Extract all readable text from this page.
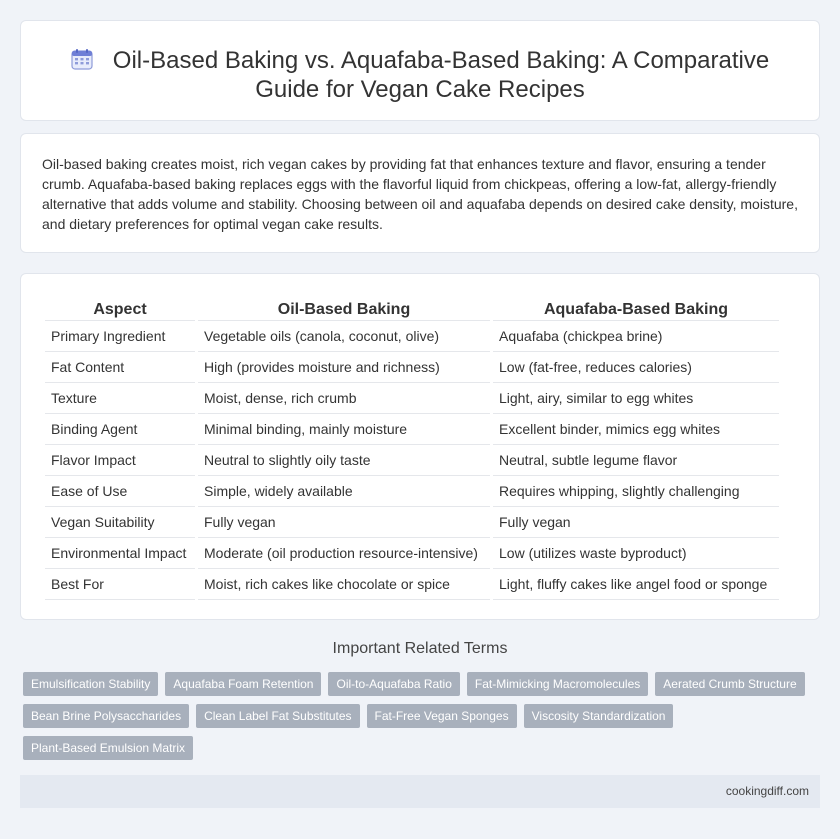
Oil-Based Baking vs. Aquafaba-Based Baking: A Comparative Guide for Vegan Cake Recipes

Oil-based baking creates moist, rich vegan cakes by providing fat that enhances texture and flavor, ensuring a tender crumb. Aquafaba-based baking replaces eggs with the flavorful liquid from chickpeas, offering a low-fat, allergy-friendly alternative that adds volume and stability. Choosing between oil and aquafaba depends on desired cake density, moisture, and dietary preferences for optimal vegan cake results.

Aspect	Oil-Based Baking	Aquafaba-Based Baking
Primary Ingredient	Vegetable oils (canola, coconut, olive)	Aquafaba (chickpea brine)
Fat Content	High (provides moisture and richness)	Low (fat-free, reduces calories)
Texture	Moist, dense, rich crumb	Light, airy, similar to egg whites
Binding Agent	Minimal binding, mainly moisture	Excellent binder, mimics egg whites
Flavor Impact	Neutral to slightly oily taste	Neutral, subtle legume flavor
Ease of Use	Simple, widely available	Requires whipping, slightly challenging
Vegan Suitability	Fully vegan	Fully vegan
Environmental Impact	Moderate (oil production resource-intensive)	Low (utilizes waste byproduct)
Best For	Moist, rich cakes like chocolate or spice	Light, fluffy cakes like angel food or sponge
Important Related Terms
Emulsification Stability	Aquafaba Foam Retention	Oil-to-Aquafaba Ratio	Fat-Mimicking Macromolecules	Aerated Crumb Structure
Bean Brine Polysaccharides	Clean Label Fat Substitutes	Fat-Free Vegan Sponges	Viscosity Standardization
Plant-Based Emulsion Matrix
cookingdiff.com
